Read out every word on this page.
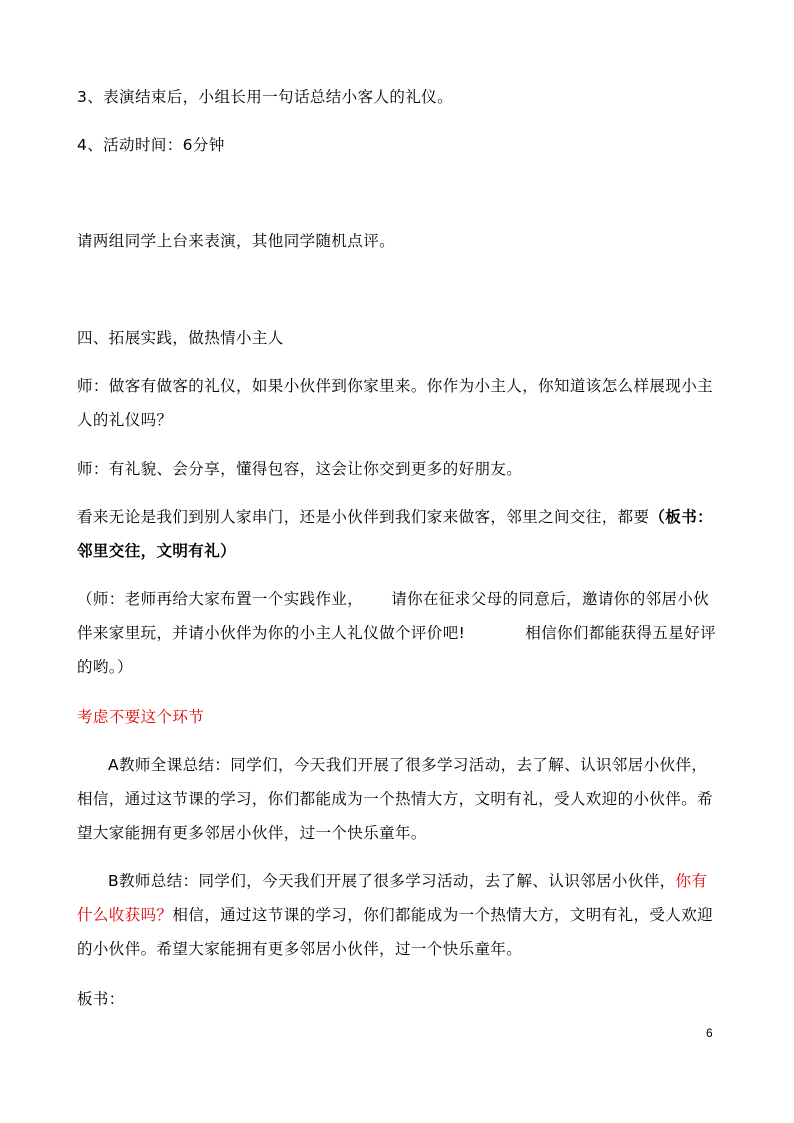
3、表演结束后，小组长用一句话总结小客人的礼仪。
4、活动时间：6分钟
请两组同学上台来表演，其他同学随机点评。
四、拓展实践，做热情小主人
师：做客有做客的礼仪，如果小伙伴到你家里来。你作为小主人，你知道该怎么样展现小主人的礼仪吗？
师：有礼貌、会分享，懂得包容，这会让你交到更多的好朋友。
看来无论是我们到别人家串门，还是小伙伴到我们家来做客，邻里之间交往，都要（板书：邻里交往，文明有礼）
（师：老师再给大家布置一个实践作业， 请你在征求父母的同意后，邀请你的邻居小伙伴来家里玩，并请小伙伴为你的小主人礼仪做个评价吧!	相信你们都能获得五星好评的哟。）
考虑不要这个环节
A教师全课总结：同学们，今天我们开展了很多学习活动，去了解、认识邻居小伙伴，相信，通过这节课的学习，你们都能成为一个热情大方，文明有礼，受人欢迎的小伙伴。希望大家能拥有更多邻居小伙伴，过一个快乐童年。
B教师总结：同学们，今天我们开展了很多学习活动，去了解、认识邻居小伙伴，你有什么收获吗？相信，通过这节课的学习，你们都能成为一个热情大方，文明有礼，受人欢迎的小伙伴。希望大家能拥有更多邻居小伙伴，过一个快乐童年。
板书：
6
